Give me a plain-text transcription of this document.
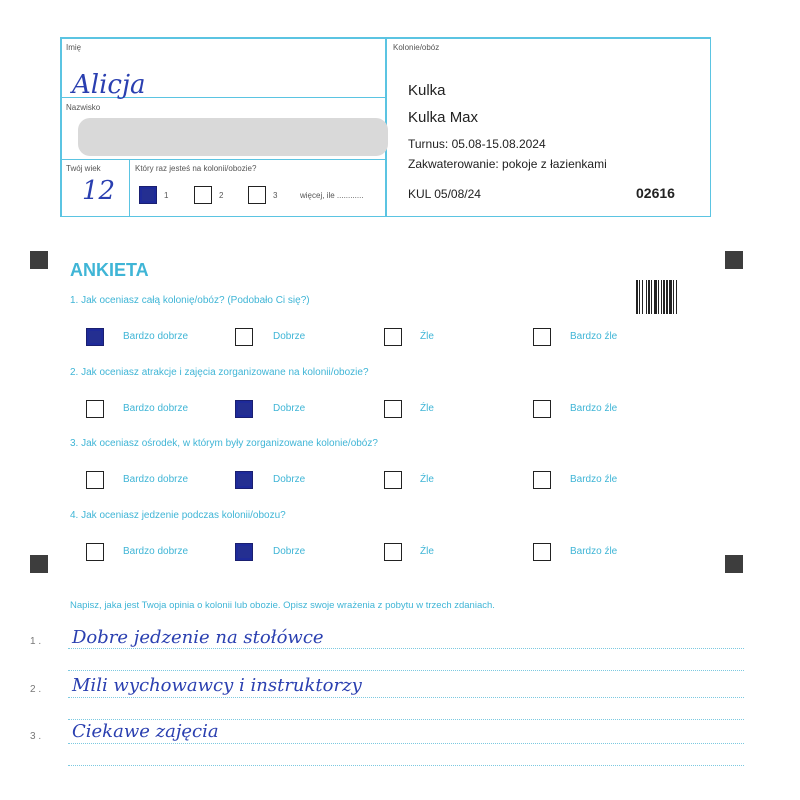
Imię
Alicja
Nazwisko
Twój wiek
12
Który raz jesteś na kolonii/obozie?
1	2	3	więcej, ile ............
Kolonie/obóz
Kulka
Kulka Max
Turnus: 05.08-15.08.2024
Zakwaterowanie: pokoje z łazienkami
KUL 05/08/24	02616
ANKIETA
1. Jak oceniasz całą kolonię/obóz? (Podobało Ci się?)
Bardzo dobrze	Dobrze	Źle	Bardzo źle
2. Jak oceniasz atrakcje i zajęcia zorganizowane na kolonii/obozie?
Bardzo dobrze	Dobrze	Źle	Bardzo źle
3. Jak oceniasz ośrodek, w którym były zorganizowane kolonie/obóz?
Bardzo dobrze	Dobrze	Źle	Bardzo źle
4. Jak oceniasz jedzenie podczas kolonii/obozu?
Bardzo dobrze	Dobrze	Źle	Bardzo źle
Napisz, jaka jest Twoja opinia o kolonii lub obozie. Opisz swoje wrażenia z pobytu w trzech zdaniach.
1 . Dobre jedzenie na stołówce
2 . Mili wychowawcy i instruktorzy
3 . Ciekawe zajęcia
